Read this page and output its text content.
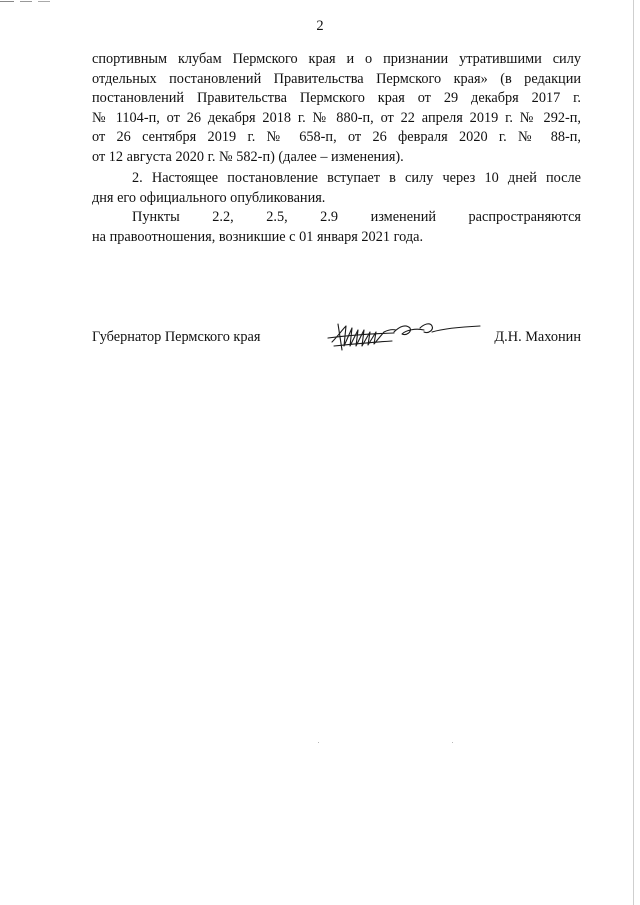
2
спортивным клубам Пермского края и о признании утратившими силу
отдельных постановлений Правительства Пермского края» (в редакции
постановлений Правительства Пермского края от 29 декабря 2017 г.
№ 1104-п, от 26 декабря 2018 г. № 880-п, от 22 апреля 2019 г. № 292-п,
от 26 сентября 2019 г. № 658-п, от 26 февраля 2020 г. № 88-п,
от 12 августа 2020 г. № 582-п) (далее – изменения).
2. Настоящее постановление вступает в силу через 10 дней после
дня его официального опубликования.
Пункты 2.2, 2.5, 2.9 изменений распространяются
на правоотношения, возникшие с 01 января 2021 года.
Губернатор Пермского края	Д.Н. Махонин
